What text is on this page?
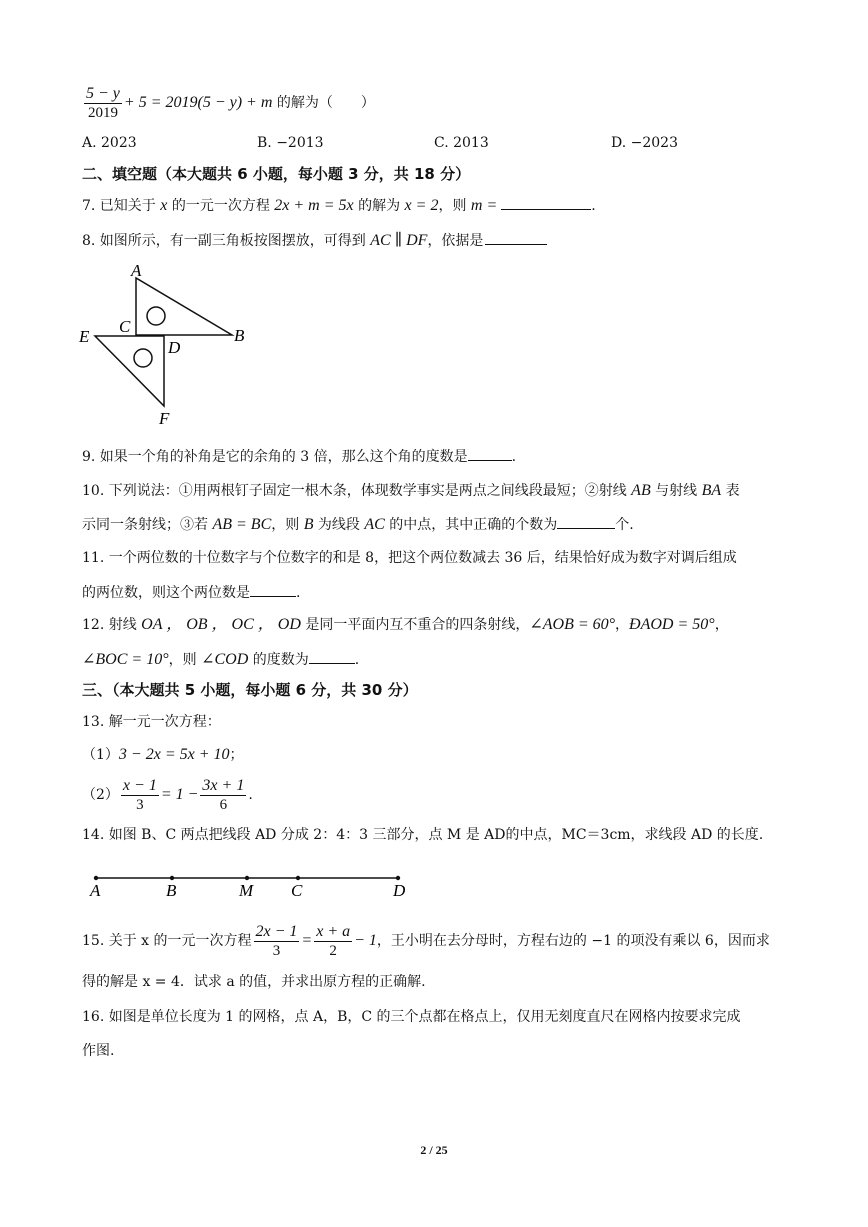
$\frac{5 - y}{2019} + 5 = 2019(5 - y) + m$ 的解为（　　）
A. 2023	B. −2013	C. 2013	D. −2023
二、填空题（本大题共 6 小题，每小题 3 分，共 18 分）
7. 已知关于 x 的一元一次方程 2x + m = 5x 的解为 x = 2，则 m =	.
8. 如图所示，有一副三角板按图摆放，可得到 AC ∥ DF，依据是
A
B
C
D
E
F
9. 如果一个角的补角是它的余角的 3 倍，那么这个角的度数是	.
10. 下列说法：①用两根钉子固定一根木条，体现数学事实是两点之间线段最短；②射线 AB 与射线 BA 表
示同一条射线；③若 AB = BC，则 B 为线段 AC 的中点，其中正确的个数为	个.
11. 一个两位数的十位数字与个位数字的和是 8，把这个两位数减去 36 后，结果恰好成为数字对调后组成
的两位数，则这个两位数是	.
12. 射线 OA ， OB ， OC ， OD 是同一平面内互不重合的四条射线，∠AOB = 60°，ÐAOD = 50°，
∠BOC = 10°，则 ∠COD 的度数为	.
三、（本大题共 5 小题，每小题 6 分，共 30 分）
13. 解一元一次方程：
（1）3 − 2x = 5x + 10；
$(2) \frac{x - 1}{3} = 1 - \frac{3x + 1}{6}$ .
14. 如图 B、C 两点把线段 AD 分成 2：4：3 三部分，点 M 是 AD的中点，MC＝3cm，求线段 AD 的长度.
A	B	M C	D
15. 关于 x 的一元一次方程 $\frac{2x - 1}{3} = \frac{x + a}{2} - 1$，王小明在去分母时，方程右边的 −1 的项没有乘以 6，因而求
得的解是 x = 4．试求 a 的值，并求出原方程的正确解.
16. 如图是单位长度为 1 的网格，点 A，B，C 的三个点都在格点上，仅用无刻度直尺在网格内按要求完成
作图.
2 / 25
